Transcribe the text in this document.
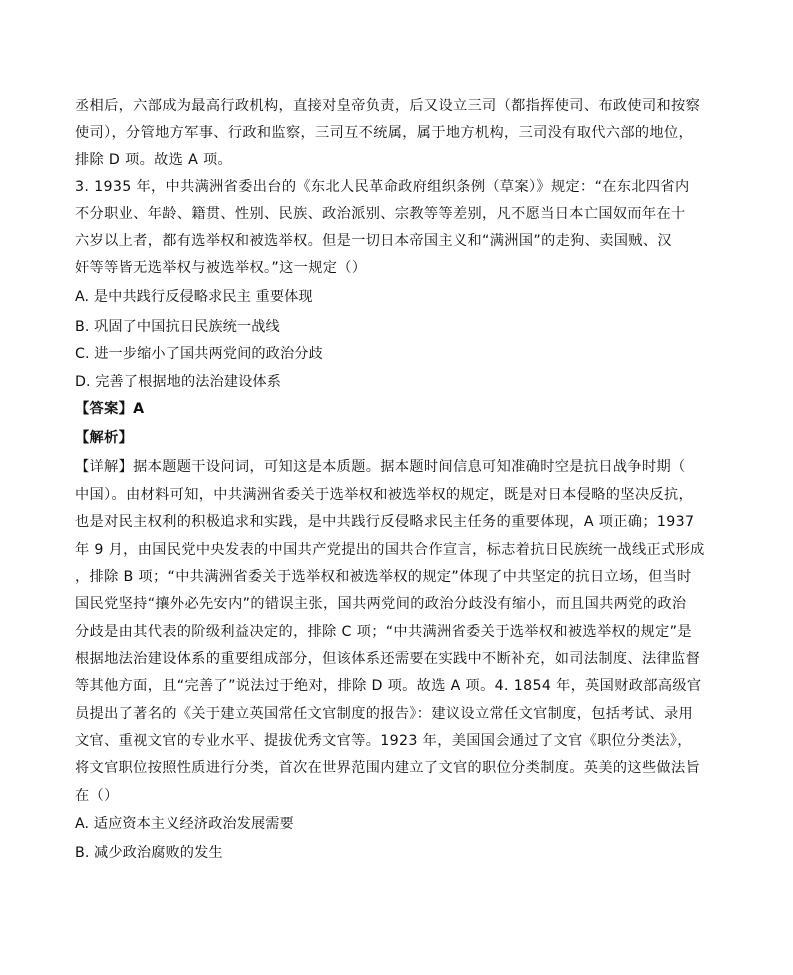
丞相后，六部成为最高行政机构，直接对皇帝负责，后又设立三司（都指挥使司、布政使司和按察
使司），分管地方军事、行政和监察，三司互不统属，属于地方机构，三司没有取代六部的地位，
排除 D 项。故选 A 项。
3. 1935 年，中共满洲省委出台的《东北人民革命政府组织条例（草案）》规定：“在东北四省内
不分职业、年龄、籍贯、性别、民族、政治派别、宗教等等差别，凡不愿当日本亡国奴而年在十
六岁以上者，都有选举权和被选举权。但是一切日本帝国主义和“满洲国”的走狗、卖国贼、汉
奸等等皆无选举权与被选举权。”这一规定（）
A. 是中共践行反侵略求民主 重要体现
B. 巩固了中国抗日民族统一战线
C. 进一步缩小了国共两党间的政治分歧
D. 完善了根据地的法治建设体系
【答案】A
【解析】
【详解】据本题题干设问词，可知这是本质题。据本题时间信息可知准确时空是抗日战争时期（
中国）。由材料可知，中共满洲省委关于选举权和被选举权的规定，既是对日本侵略的坚决反抗，
也是对民主权利的积极追求和实践，是中共践行反侵略求民主任务的重要体现，A 项正确；1937
年 9 月，由国民党中央发表的中国共产党提出的国共合作宣言，标志着抗日民族统一战线正式形成
，排除 B 项；“中共满洲省委关于选举权和被选举权的规定”体现了中共坚定的抗日立场，但当时
国民党坚持“攘外必先安内”的错误主张，国共两党间的政治分歧没有缩小，而且国共两党的政治
分歧是由其代表的阶级利益决定的，排除 C 项；“中共满洲省委关于选举权和被选举权的规定”是
根据地法治建设体系的重要组成部分，但该体系还需要在实践中不断补充，如司法制度、法律监督
等其他方面，且“完善了”说法过于绝对，排除 D 项。故选 A 项。4. 1854 年，英国财政部高级官
员提出了著名的《关于建立英国常任文官制度的报告》：建议设立常任文官制度，包括考试、录用
文官、重视文官的专业水平、提拔优秀文官等。1923 年，美国国会通过了文官《职位分类法》，
将文官职位按照性质进行分类，首次在世界范围内建立了文官的职位分类制度。英美的这些做法旨
在（）
A. 适应资本主义经济政治发展需要
B. 减少政治腐败的发生
